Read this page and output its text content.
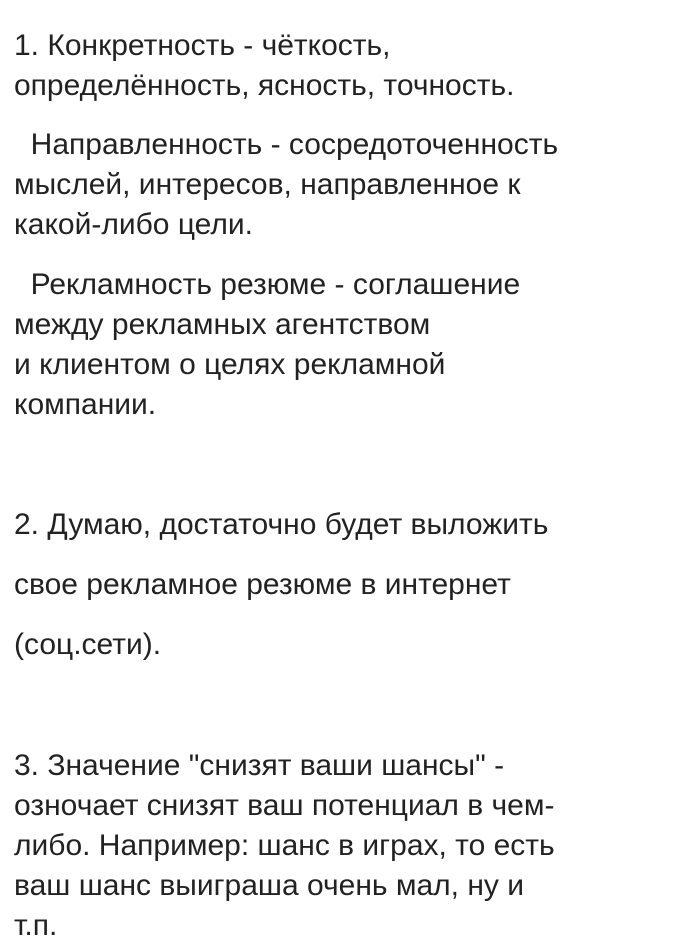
1. Конкретность - чёткость,

определённость, ясность, точность.

Направленность - сосредоточенность

мыслей, интересов, направленное к

какой-либо цели.

Рекламность резюме - соглашение

между рекламных агентством

и клиентом о целях рекламной

компании.

2. Думаю, достаточно будет выложить

свое рекламное резюме в интернет

(соц.сети).

3. Значение "снизят ваши шансы" -

озночает снизят ваш потенциал в чем-

либо. Например: шанс в играх, то есть

ваш шанс выиграша очень мал, ну и

т.п.
